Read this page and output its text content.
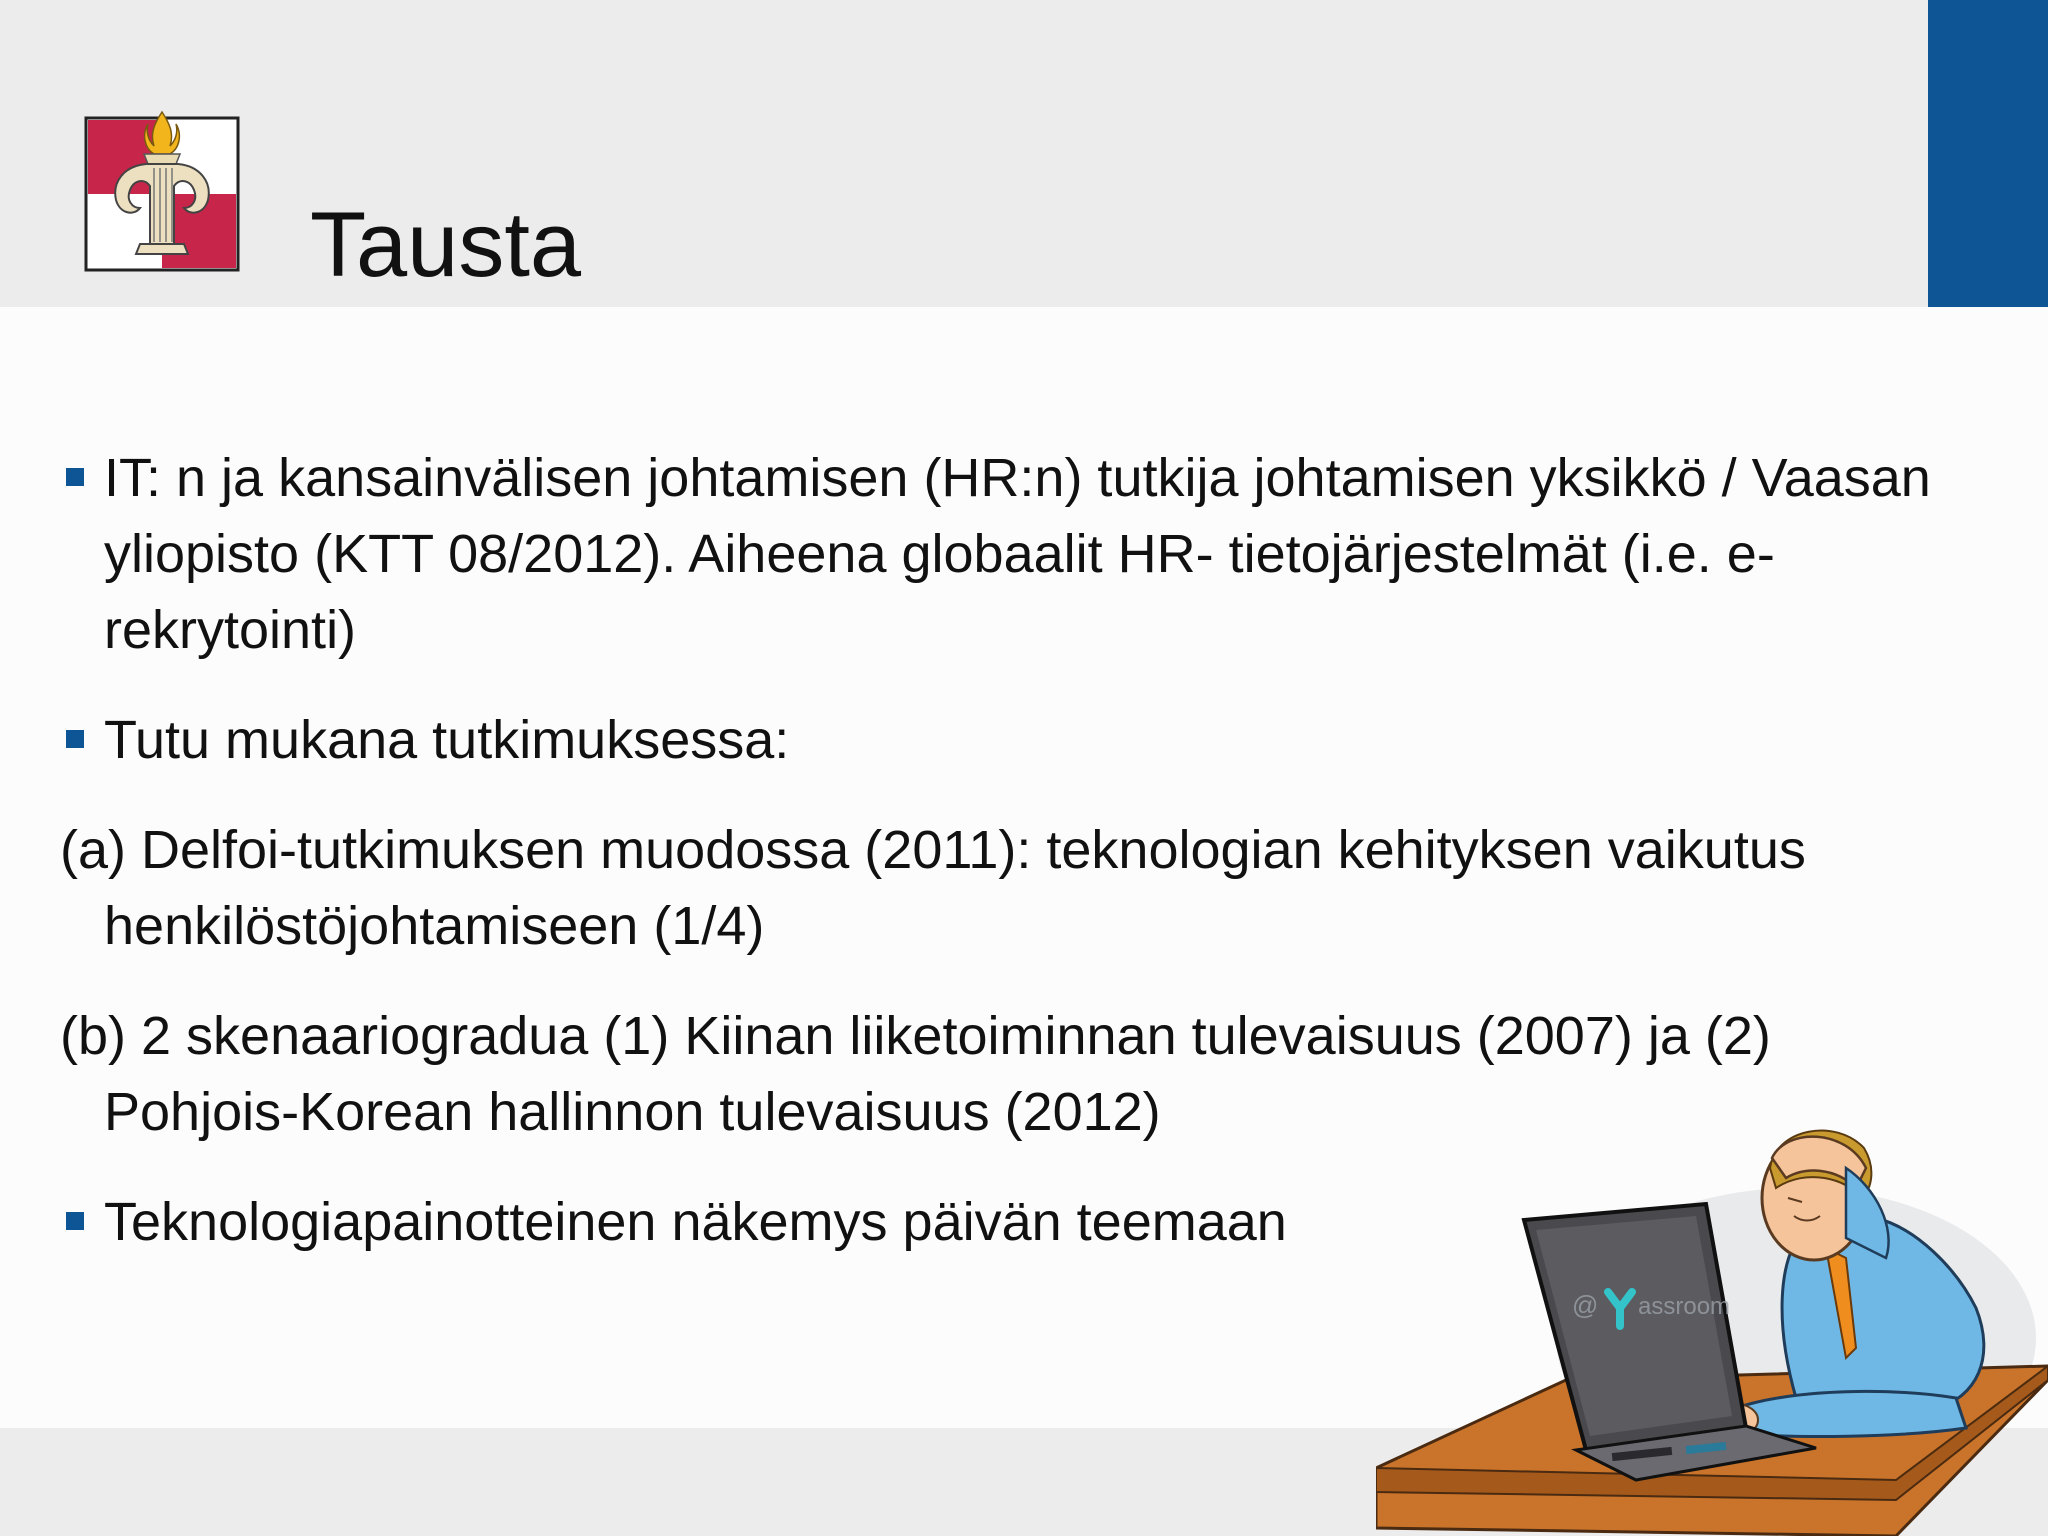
Tausta

IT: n ja kansainvälisen johtamisen (HR:n) tutkija johtamisen yksikkö / Vaasan yliopisto (KTT 08/2012). Aiheena globaalit HR- tietojärjestelmät (i.e. e-rekrytointi)

Tutu mukana tutkimuksessa:

(a) Delfoi-tutkimuksen muodossa (2011): teknologian kehityksen vaikutus henkilöstöjohtamiseen (1/4)

(b) 2 skenaariogradua (1) Kiinan liiketoiminnan tulevaisuus (2007) ja (2) Pohjois-Korean hallinnon tulevaisuus (2012)

Teknologiapainotteinen näkemys päivän teemaan

@ assroom
